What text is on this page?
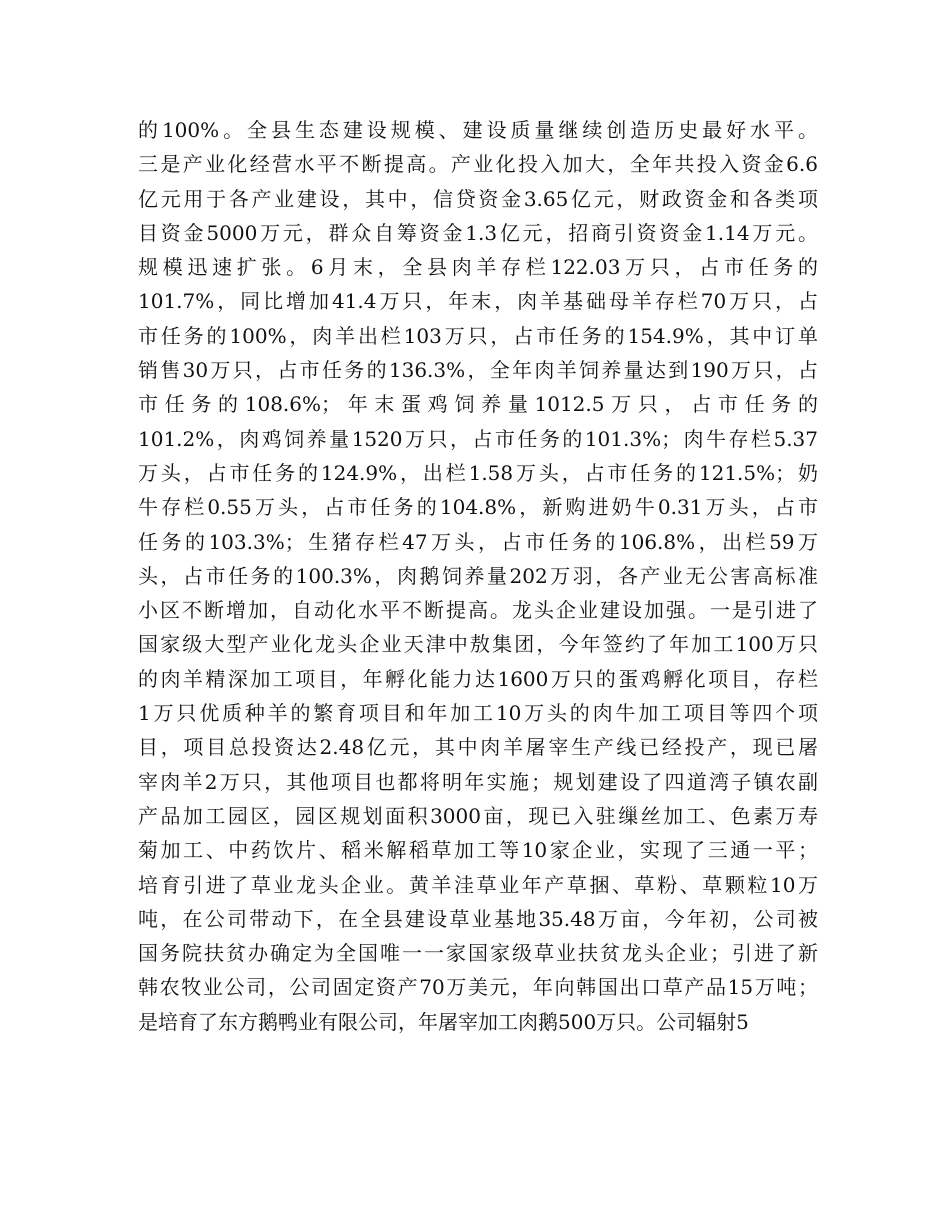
的100%。全县生态建设规模、建设质量继续创造历史最好水平。
三是产业化经营水平不断提高。产业化投入加大，全年共投入资金6.6
亿元用于各产业建设，其中，信贷资金3.65亿元，财政资金和各类项
目资金5000万元，群众自筹资金1.3亿元，招商引资资金1.14万元。
规模迅速扩张。6月末，全县肉羊存栏122.03万只，占市任务的
101.7%，同比增加41.4万只，年末，肉羊基础母羊存栏70万只，占
市任务的100%，肉羊出栏103万只，占市任务的154.9%，其中订单
销售30万只，占市任务的136.3%，全年肉羊饲养量达到190万只，占
市任务的108.6%；年末蛋鸡饲养量1012.5万只，占市任务的
101.2%，肉鸡饲养量1520万只，占市任务的101.3%；肉牛存栏5.37
万头，占市任务的124.9%，出栏1.58万头，占市任务的121.5%；奶
牛存栏0.55万头，占市任务的104.8%，新购进奶牛0.31万头，占市
任务的103.3%；生猪存栏47万头，占市任务的106.8%，出栏59万
头，占市任务的100.3%，肉鹅饲养量202万羽，各产业无公害高标准
小区不断增加，自动化水平不断提高。龙头企业建设加强。一是引进了
国家级大型产业化龙头企业天津中敖集团，今年签约了年加工100万只
的肉羊精深加工项目，年孵化能力达1600万只的蛋鸡孵化项目，存栏
1万只优质种羊的繁育项目和年加工10万头的肉牛加工项目等四个项
目，项目总投资达2.48亿元，其中肉羊屠宰生产线已经投产，现已屠
宰肉羊2万只，其他项目也都将明年实施；规划建设了四道湾子镇农副
产品加工园区，园区规划面积3000亩，现已入驻缫丝加工、色素万寿
菊加工、中药饮片、稻米解稻草加工等10家企业，实现了三通一平；
培育引进了草业龙头企业。黄羊洼草业年产草捆、草粉、草颗粒10万
吨，在公司带动下，在全县建设草业基地35.48万亩，今年初，公司被
国务院扶贫办确定为全国唯一一家国家级草业扶贫龙头企业；引进了新
韩农牧业公司，公司固定资产70万美元，年向韩国出口草产品15万吨；
是培育了东方鹅鸭业有限公司，年屠宰加工肉鹅500万只。公司辐射5
